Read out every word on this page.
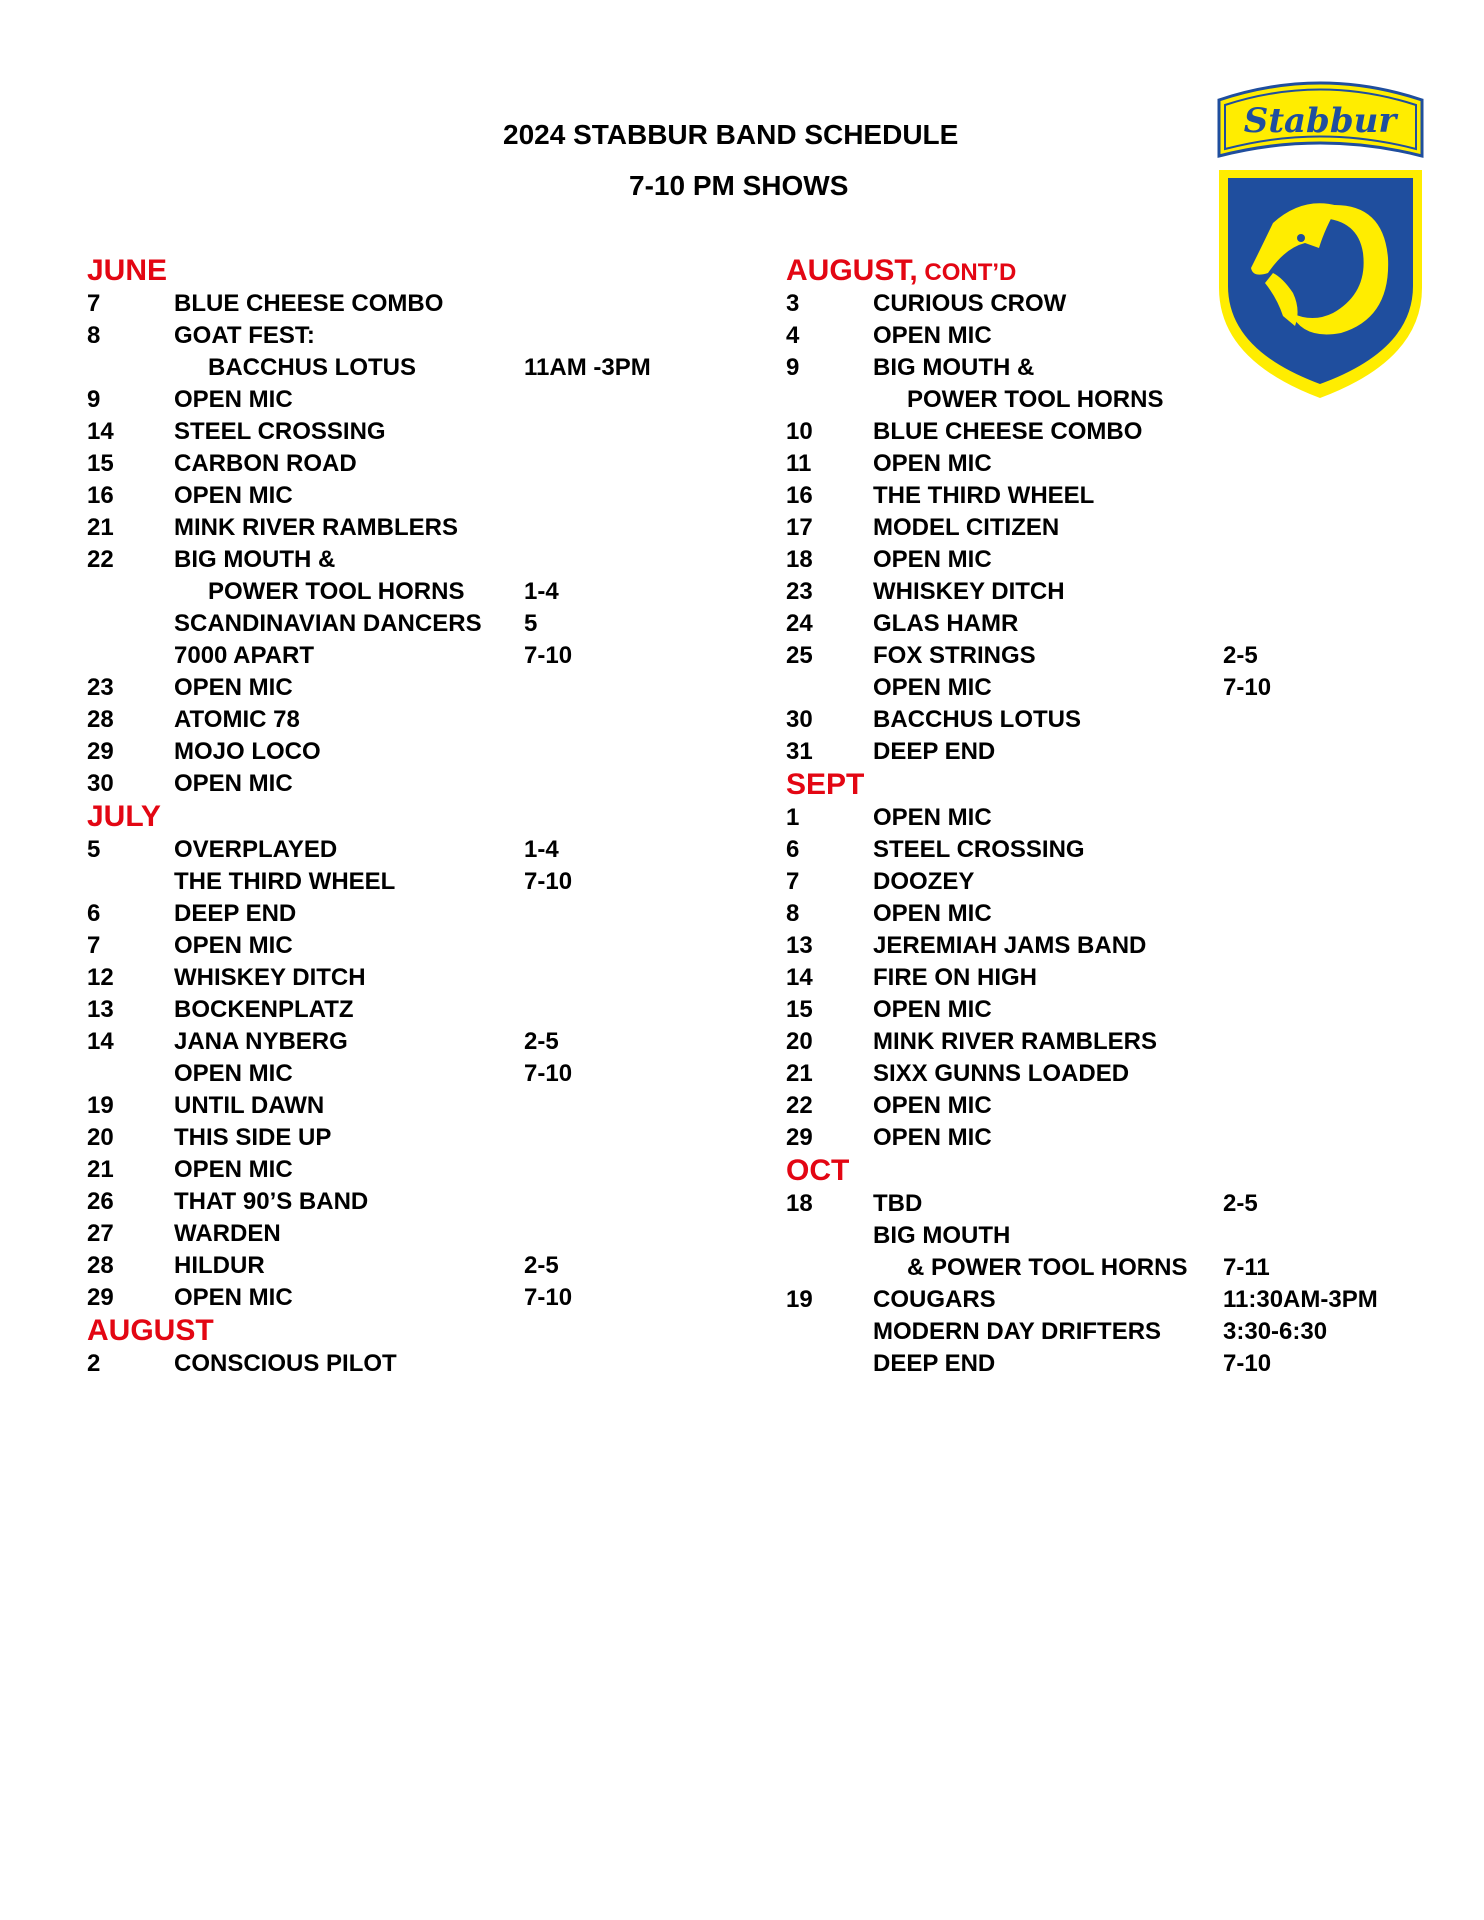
2024 STABBUR BAND SCHEDULE
7-10 PM SHOWS
Stabbur
JUNE
7	BLUE CHEESE COMBO
8	GOAT FEST:
BACCHUS LOTUS	11AM -3PM
9	OPEN MIC
14	STEEL CROSSING
15	CARBON ROAD
16	OPEN MIC
21	MINK RIVER RAMBLERS
22	BIG MOUTH &
POWER TOOL HORNS	1-4
SCANDINAVIAN DANCERS	5
7000 APART	7-10
23	OPEN MIC
28	ATOMIC 78
29	MOJO LOCO
30	OPEN MIC
JULY
5	OVERPLAYED	1-4
THE THIRD WHEEL	7-10
6	DEEP END
7	OPEN MIC
12	WHISKEY DITCH
13	BOCKENPLATZ
14	JANA NYBERG	2-5
OPEN MIC	7-10
19	UNTIL DAWN
20	THIS SIDE UP
21	OPEN MIC
26	THAT 90’S BAND
27	WARDEN
28	HILDUR	2-5
29	OPEN MIC	7-10
AUGUST
2	CONSCIOUS PILOT
AUGUST, CONT’D
3	CURIOUS CROW
4	OPEN MIC
9	BIG MOUTH &
POWER TOOL HORNS
10	BLUE CHEESE COMBO
11	OPEN MIC
16	THE THIRD WHEEL
17	MODEL CITIZEN
18	OPEN MIC
23	WHISKEY DITCH
24	GLAS HAMR
25	FOX STRINGS	2-5
OPEN MIC	7-10
30	BACCHUS LOTUS
31	DEEP END
SEPT
1	OPEN MIC
6	STEEL CROSSING
7	DOOZEY
8	OPEN MIC
13	JEREMIAH JAMS BAND
14	FIRE ON HIGH
15	OPEN MIC
20	MINK RIVER RAMBLERS
21	SIXX GUNNS LOADED
22	OPEN MIC
29	OPEN MIC
OCT
18	TBD	2-5
BIG MOUTH
& POWER TOOL HORNS	7-11
19	COUGARS	11:30AM-3PM
MODERN DAY DRIFTERS	3:30-6:30
DEEP END	7-10
